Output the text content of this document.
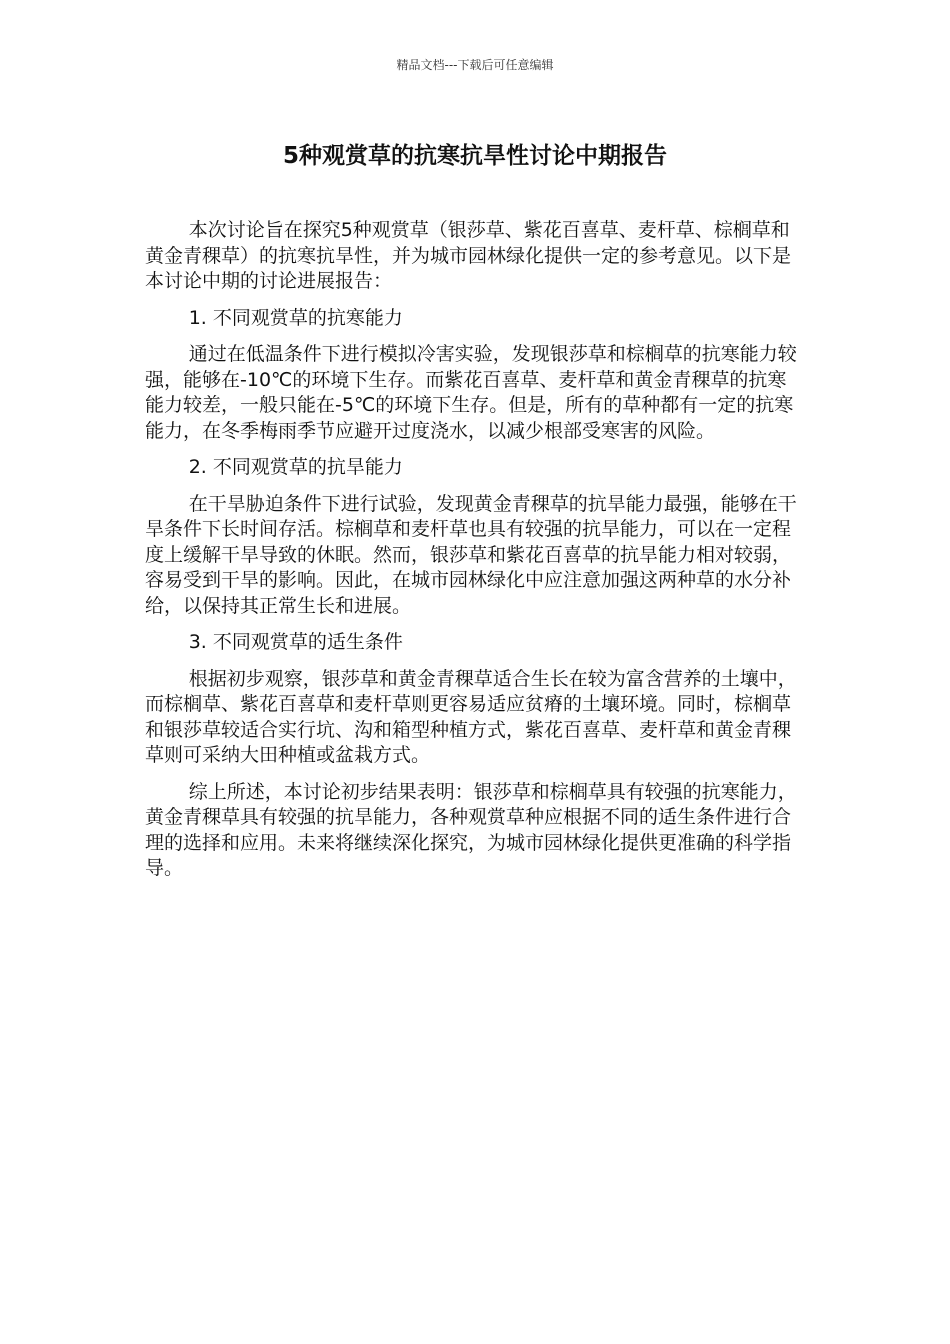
精品文档---下载后可任意编辑
5种观赏草的抗寒抗旱性讨论中期报告

本次讨论旨在探究5种观赏草（银莎草、紫花百喜草、麦杆草、棕榈草和黄金青稞草）的抗寒抗旱性，并为城市园林绿化提供一定的参考意见。以下是本讨论中期的讨论进展报告：

1. 不同观赏草的抗寒能力

通过在低温条件下进行模拟冷害实验，发现银莎草和棕榈草的抗寒能力较强，能够在-10℃的环境下生存。而紫花百喜草、麦杆草和黄金青稞草的抗寒能力较差，一般只能在-5℃的环境下生存。但是，所有的草种都有一定的抗寒能力，在冬季梅雨季节应避开过度浇水，以减少根部受寒害的风险。

2. 不同观赏草的抗旱能力

在干旱胁迫条件下进行试验，发现黄金青稞草的抗旱能力最强，能够在干旱条件下长时间存活。棕榈草和麦杆草也具有较强的抗旱能力，可以在一定程度上缓解干旱导致的休眠。然而，银莎草和紫花百喜草的抗旱能力相对较弱，容易受到干旱的影响。因此，在城市园林绿化中应注意加强这两种草的水分补给，以保持其正常生长和进展。

3. 不同观赏草的适生条件

根据初步观察，银莎草和黄金青稞草适合生长在较为富含营养的土壤中，而棕榈草、紫花百喜草和麦杆草则更容易适应贫瘠的土壤环境。同时，棕榈草和银莎草较适合实行坑、沟和箱型种植方式，紫花百喜草、麦杆草和黄金青稞草则可采纳大田种植或盆栽方式。

综上所述，本讨论初步结果表明：银莎草和棕榈草具有较强的抗寒能力，黄金青稞草具有较强的抗旱能力，各种观赏草种应根据不同的适生条件进行合理的选择和应用。未来将继续深化探究，为城市园林绿化提供更准确的科学指导。
